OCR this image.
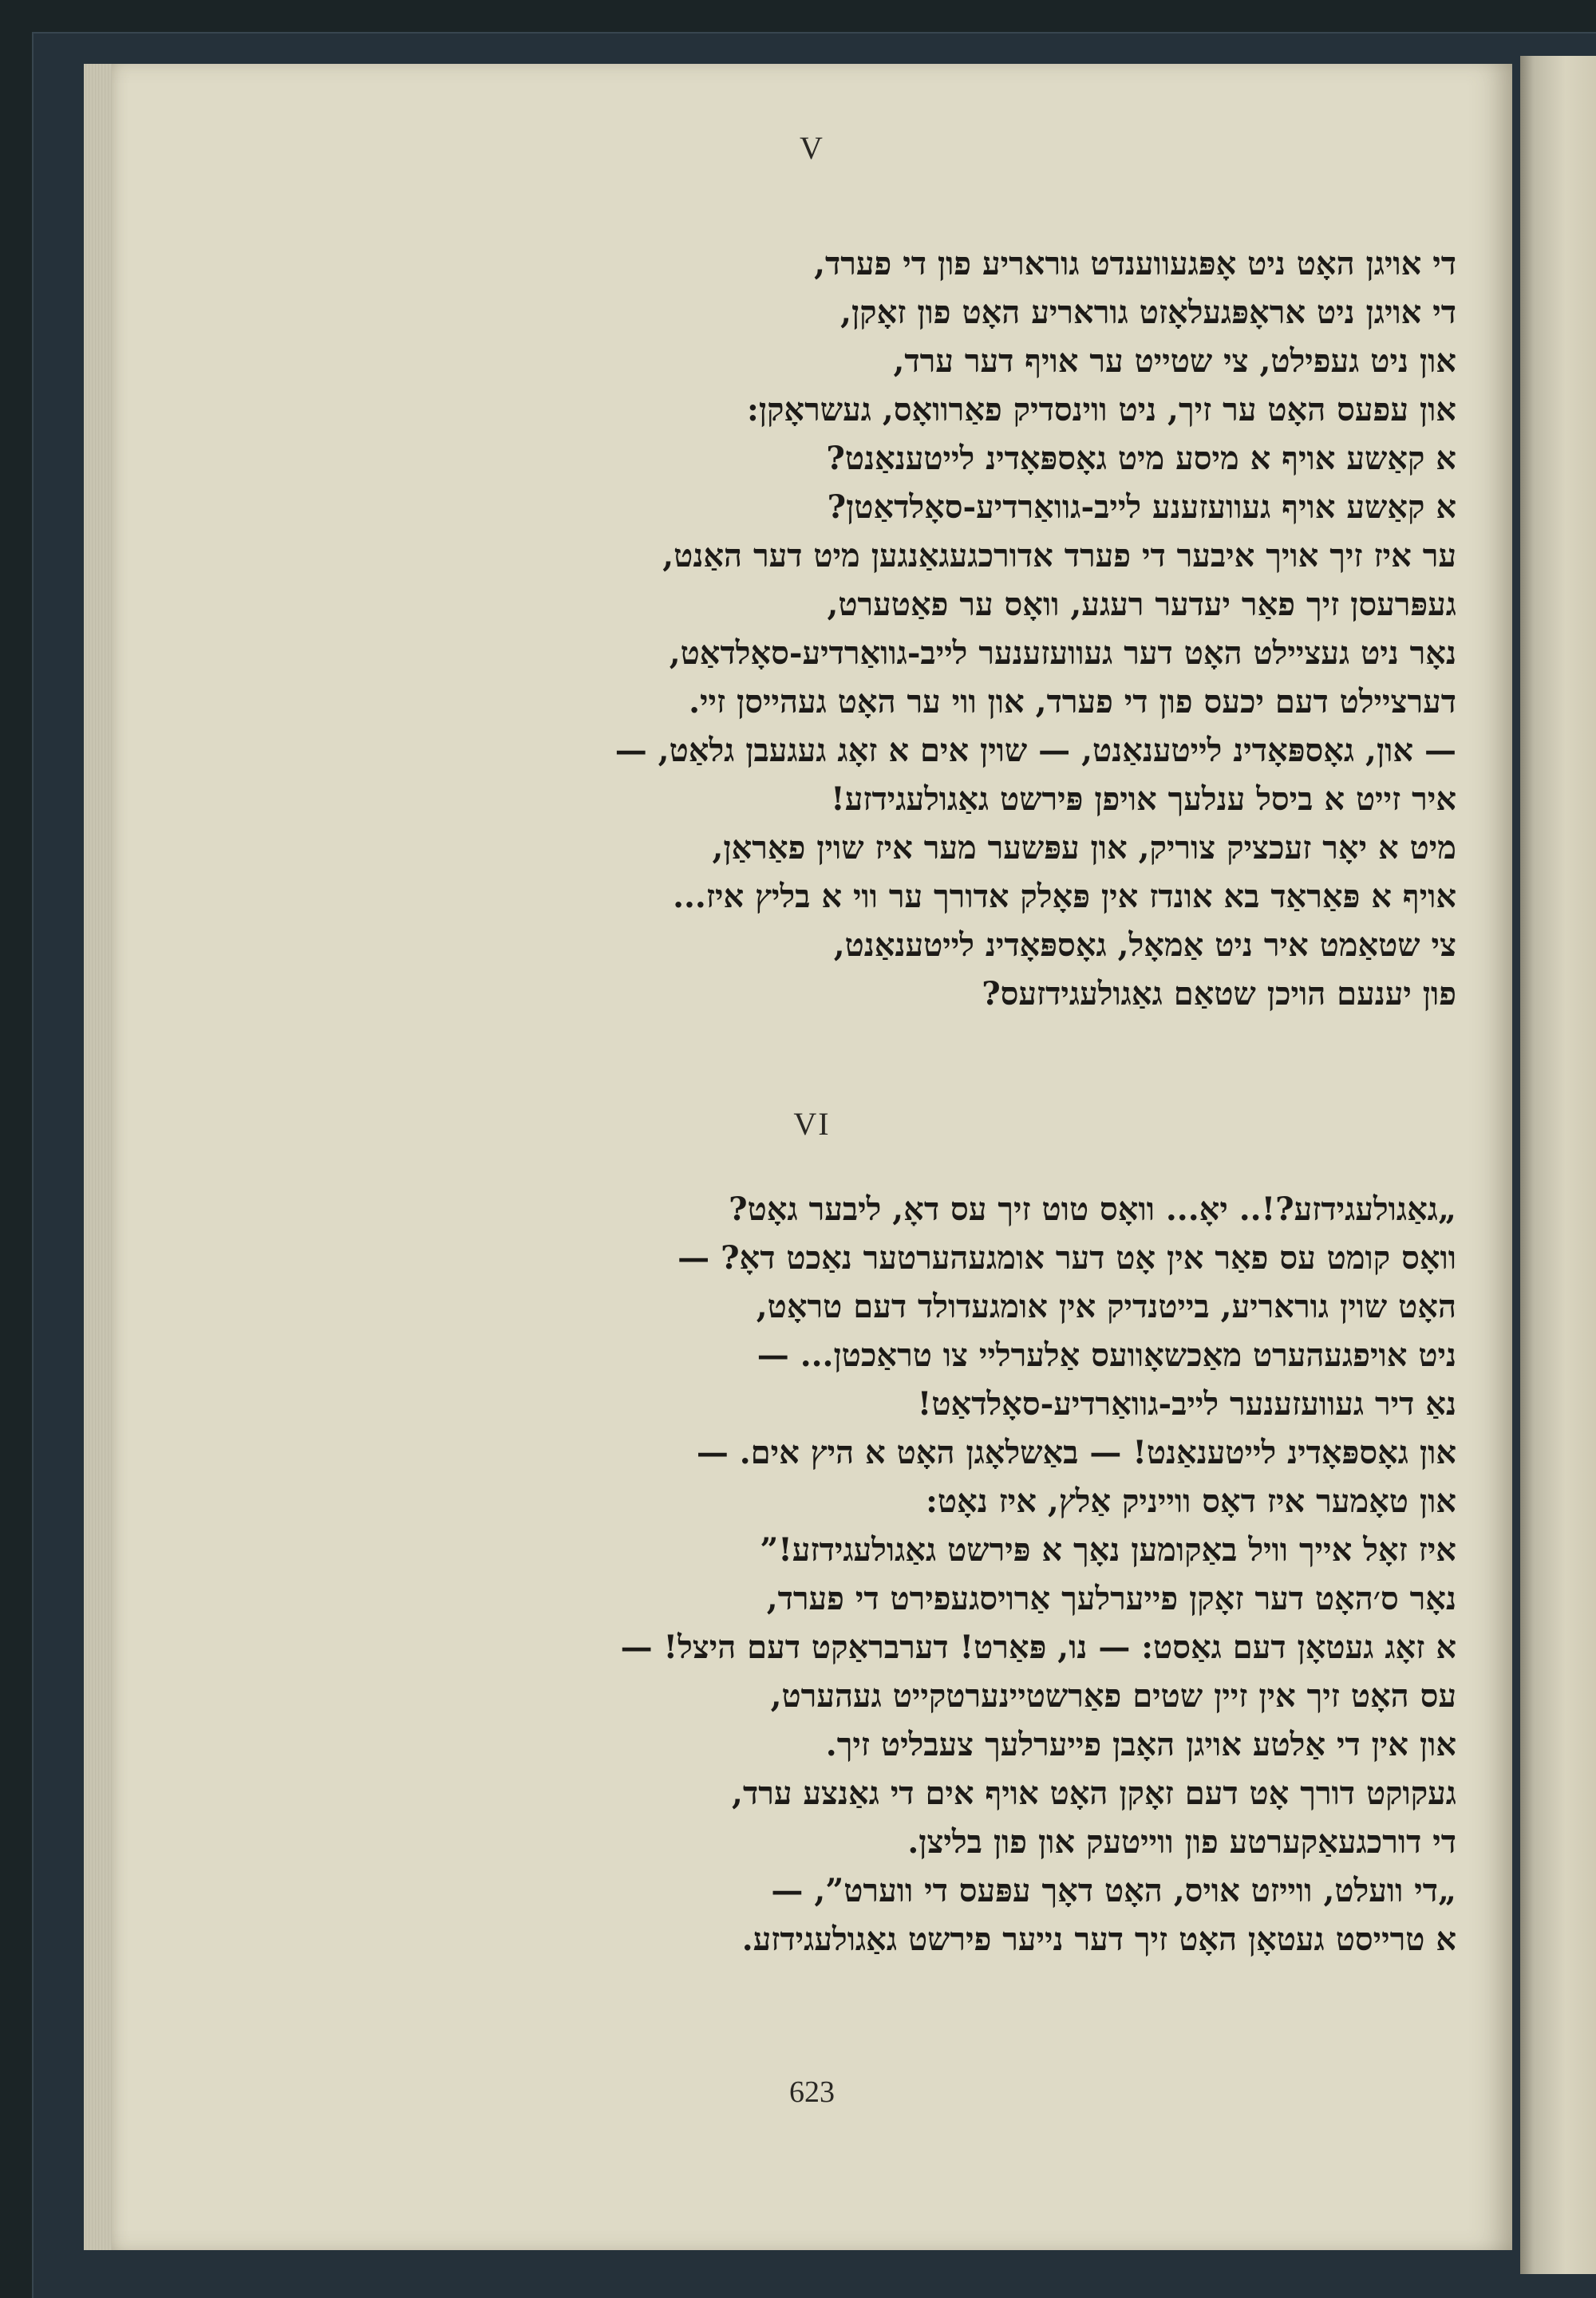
V
די אויגן האָט ניט אָפּגעווענדט גוראריע פון די פערד,
די אויגן ניט אראָפּגעלאָזט גוראריע האָט פון זאָקן,
און ניט געפילט, צי שטייט ער אויף דער ערד,
און עפעס האָט ער זיך, ניט ווינסדיק פאַרוואָס, געשראָקן:
א קאַשע אויף א מיסע מיט גאָספּאָדינ לייטענאַנט?
א קאַשע אויף געוועזענע לייב-גוואַרדיע-סאָלדאַטן?
ער איז זיך אויך איבער די פערד אדורכגעגאַנגען מיט דער האַנט,
געפּרעסן זיך פאַר יעדער רעגע, וואָס ער פאַטערט,
נאָר ניט געציילט האָט דער געוועזענער לייב-גוואַרדיע-סאָלדאַט,
דערציילט דעם יכעס פון די פערד, און ווי ער האָט געהייסן זיי.
— און, גאָספּאָדינ לייטענאַנט, — שוין אים א זאָג געגעבן גלאַט, —
איר זייט א ביסל ענלעך אויפן פּירשט גאַגולעגידזע!
מיט א יאָר זעכציק צוריק, און עפּשער מער איז שוין פאַראַן,
אויף א פּאַראַד בא אונדז אין פּאָלק אדורך ער ווי א בליץ איז...
צי שטאַמט איר ניט אַמאָל, גאָספּאָדינ לייטענאַנט,
פון יענעם הויכן שטאַם גאַגולעגידזעס?
VI
„גאַגולעגידזע?!.. יאָ... וואָס טוט זיך עס דאָ, ליבער גאָט?
וואָס קומט עס פאַר אין אָט דער אומגעהערטער נאַכט דאָ? —
האָט שוין גוראריע, בייטנדיק אין אומגעדולד דעם טראָט,
ניט אויפגעהערט מאַכשאָוועס אַלערליי צו טראַכטן... —
נאַ דיר געוועזענער לייב-גוואַרדיע-סאָלדאַט!
און גאָספּאָדינ לייטענאַנט! — באַשלאָגן האָט א היץ אים. —
און טאָמער איז דאָס ווייניק אַלץ, איז נאָט:
איז זאָל אייך וויל באַקומען נאָך א פּירשט גאַגולעגידזע!”
נאָר ס׳האָט דער זאָקן פייערלעך אַרויסגעפירט די פערד,
א זאָג געטאָן דעם גאַסט: — נו, פּאַרט! דערבראַקט דעם היצל! —
עס האָט זיך אין זיין שטים פאַרשטיינערטקייט געהערט,
און אין די אַלטע אויגן האָבן פייערלעך צעבליט זיך.
געקוקט דורך אָט דעם זאָקן האָט אויף אים די גאַנצע ערד,
די דורכגעאַקערטע פון ווייטעק און פון בליצן.
„די וועלט, ווייזט אויס, האָט דאָך עפּעס די ווערט”, —
א טרייסט געטאָן האָט זיך דער נייער פירשט גאַגולעגידזע.
623
